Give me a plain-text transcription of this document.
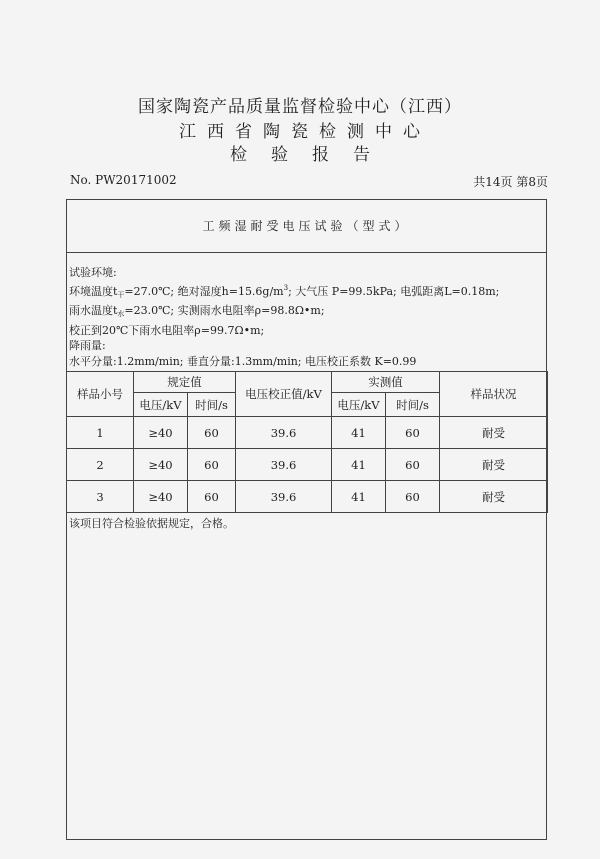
国家陶瓷产品质量监督检验中心（江西）
江西省陶瓷检测中心
检验报告
No. PW20171002	共14页 第8页
工频湿耐受电压试验（型式）
试验环境:
环境温度$t_干=27.0℃$; 绝对湿度$h=15.6g/m^3$; 大气压 P=99.5kPa; 电弧距离L=0.18m;
雨水温度$t_水=23.0℃$; 实测雨水电阻率ρ=98.8Ω•m;
校正到20℃下雨水电阻率ρ=99.7Ω•m;
降雨量:
水平分量:1.2mm/min; 垂直分量:1.3mm/min; 电压校正系数 K=0.99
样品小号	规定值		电压校正值/kV	实测值		样品状况
	电压/kV	时间/s		电压/kV	时间/s	
1	≥40	60	39.6	41	60	耐受
2	≥40	60	39.6	41	60	耐受
3	≥40	60	39.6	41	60	耐受
该项目符合检验依据规定，合格。
